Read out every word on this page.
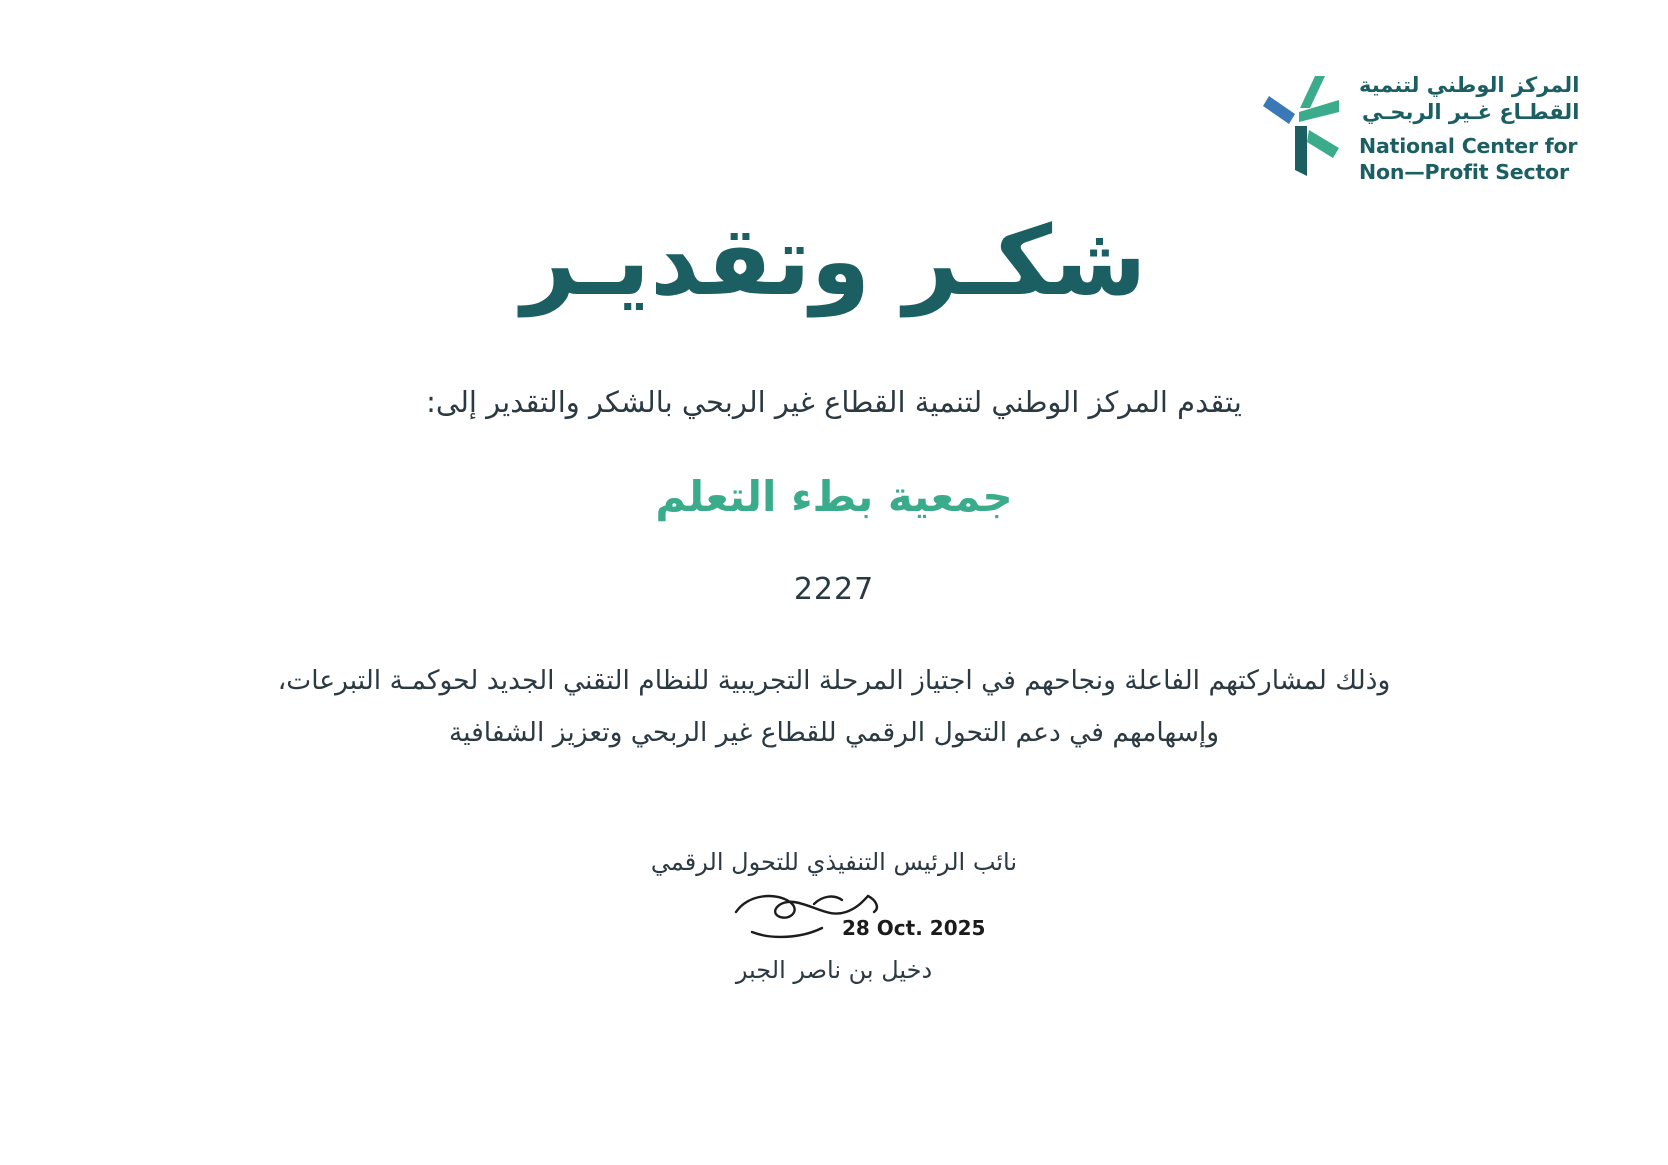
المركز الوطني لتنمية
القطـاع غـير الربحـي
National Center for
Non—Profit Sector
شكـر وتقديـر
يتقدم المركز الوطني لتنمية القطاع غير الربحي بالشكر والتقدير إلى:
جمعية بطء التعلم
2227
وذلك لمشاركتهم الفاعلة ونجاحهم في اجتياز المرحلة التجريبية للنظام التقني الجديد لحوكمـة التبرعات،
وإسهامهم في دعم التحول الرقمي للقطاع غير الربحي وتعزيز الشفافية
نائب الرئيس التنفيذي للتحول الرقمي
28 Oct. 2025
دخيل بن ناصر الجبر
